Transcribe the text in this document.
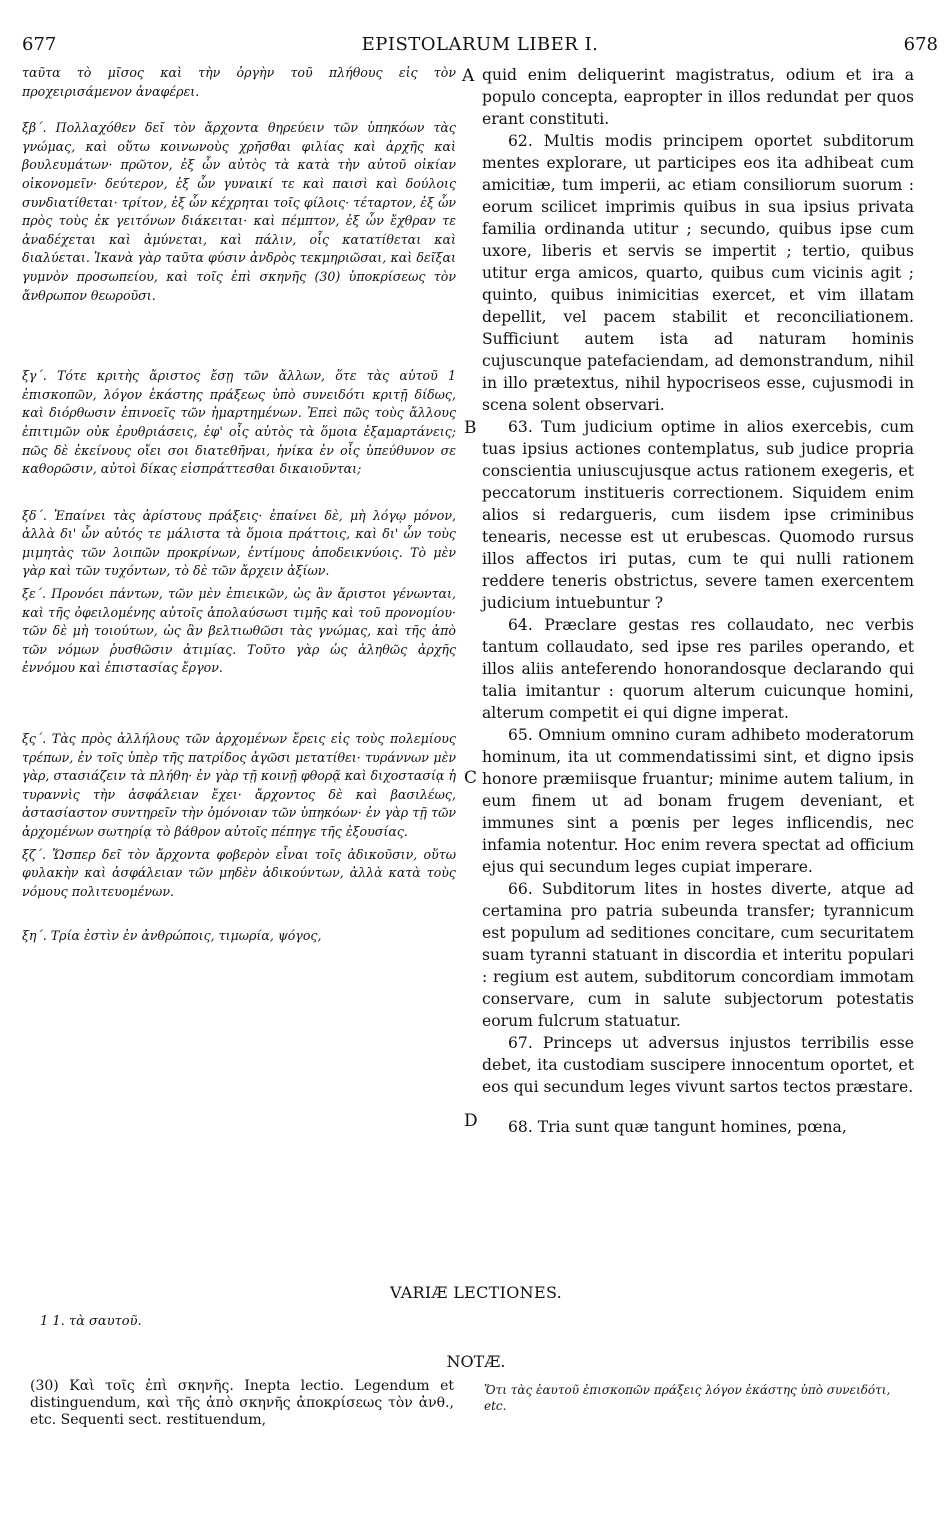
677	EPISTOLARUM LIBER I.	678
A
B
C
D

ταῦτα τὸ μῖσος καὶ τὴν ὀργὴν τοῦ πλήθους εἰς τὸν προχειρισάμενον ἀναφέρει.

ξβ΄. Πολλαχόθεν δεῖ τὸν ἄρχοντα θηρεύειν τῶν ὑπηκόων τὰς γνώμας, καὶ οὕτω κοινωνοὺς χρῆσθαι φιλίας καὶ ἀρχῆς καὶ βουλευμάτων· πρῶτον, ἐξ ὧν αὐτὸς τὰ κατὰ τὴν αὐτοῦ οἰκίαν οἰκονομεῖν· δεύτερον, ἐξ ὧν γυναικί τε καὶ παισὶ καὶ δούλοις συνδιατίθεται· τρίτον, ἐξ ὧν κέχρηται τοῖς φίλοις· τέταρτον, ἐξ ὧν πρὸς τοὺς ἐκ γειτόνων διάκειται· καὶ πέμπτον, ἐξ ὧν ἔχθραν τε ἀναδέχεται καὶ ἀμύνεται, καὶ πάλιν, οἷς κατατίθεται καὶ διαλύεται. Ἱκανὰ γὰρ ταῦτα φύσιν ἀνδρὸς τεκμηριῶσαι, καὶ δεῖξαι γυμνὸν προσωπείου, καὶ τοῖς ἐπὶ σκηνῆς (30) ὑποκρίσεως τὸν ἄνθρωπον θεωροῦσι.

ξγ΄. Τότε κριτὴς ἄριστος ἔσῃ τῶν ἄλλων, ὅτε τὰς αὐτοῦ 1 ἐπισκοπῶν, λόγον ἑκάστης πράξεως ὑπὸ συνειδότι κριτῇ δίδως, καὶ διόρθωσιν ἐπινοεῖς τῶν ἡμαρτημένων. Ἐπεὶ πῶς τοὺς ἄλλους ἐπιτιμῶν οὐκ ἐρυθριάσεις, ἐφ' οἷς αὐτὸς τὰ ὅμοια ἐξαμαρτάνεις; πῶς δὲ ἐκείνους οἴει σοι διατεθῆναι, ἡνίκα ἐν οἷς ὑπεύθυνον σε καθορῶσιν, αὐτοὶ δίκας εἰσπράττεσθαι δικαιοῦνται;

ξδ΄. Ἐπαίνει τὰς ἀρίστους πράξεις· ἐπαίνει δὲ, μὴ λόγῳ μόνον, ἀλλὰ δι' ὧν αὐτός τε μάλιστα τὰ ὅμοια πράττοις, καὶ δι' ὧν τοὺς μιμητὰς τῶν λοιπῶν προκρίνων, ἐντίμους ἀποδεικνύοις. Τὸ μὲν γὰρ καὶ τῶν τυχόντων, τὸ δὲ τῶν ἄρχειν ἀξίων.

ξε΄. Προνόει πάντων, τῶν μὲν ἐπιεικῶν, ὡς ἂν ἄριστοι γένωνται, καὶ τῆς ὀφειλομένης αὐτοῖς ἀπολαύσωσι τιμῆς καὶ τοῦ προνομίου· τῶν δὲ μὴ τοιούτων, ὡς ἂν βελτιωθῶσι τὰς γνώμας, καὶ τῆς ἀπὸ τῶν νόμων ῥυσθῶσιν ἀτιμίας. Τοῦτο γὰρ ὡς ἀληθῶς ἀρχῆς ἐννόμου καὶ ἐπιστασίας ἔργον.

ξς΄. Τὰς πρὸς ἀλλήλους τῶν ἀρχομένων ἔρεις εἰς τοὺς πολεμίους τρέπων, ἐν τοῖς ὑπὲρ τῆς πατρίδος ἀγῶσι μετατίθει· τυράννων μὲν γὰρ, στασιάζειν τὰ πλήθη· ἐν γὰρ τῇ κοινῇ φθορᾷ καὶ διχοστασίᾳ ἡ τυραννὶς τὴν ἀσφάλειαν ἔχει· ἄρχοντος δὲ καὶ βασιλέως, ἀστασίαστον συντηρεῖν τὴν ὁμόνοιαν τῶν ὑπηκόων· ἐν γὰρ τῇ τῶν ἀρχομένων σωτηρίᾳ τὸ βάθρον αὐτοῖς πέπηγε τῆς ἐξουσίας.

ξζ΄. Ὥσπερ δεῖ τὸν ἄρχοντα φοβερὸν εἶναι τοῖς ἀδικοῦσιν, οὕτω φυλακὴν καὶ ἀσφάλειαν τῶν μηδὲν ἀδικούντων, ἀλλὰ κατὰ τοὺς νόμους πολιτευομένων.

ξη΄. Τρία ἐστὶν ἐν ἀνθρώποις, τιμωρία, ψόγος,

quid enim deliquerint magistratus, odium et ira a populo concepta, eapropter in illos redundat per quos erant constituti.

62. Multis modis principem oportet subditorum mentes explorare, ut participes eos ita adhibeat cum amicitiæ, tum imperii, ac etiam consiliorum suorum : eorum scilicet imprimis quibus in sua ipsius privata familia ordinanda utitur ; secundo, quibus ipse cum uxore, liberis et servis se impertit ; tertio, quibus utitur erga amicos, quarto, quibus cum vicinis agit ; quinto, quibus inimicitias exercet, et vim illatam depellit, vel pacem stabilit et reconciliationem. Sufficiunt autem ista ad naturam hominis cujuscunque patefaciendam, ad demonstrandum, nihil in illo prætextus, nihil hypocriseos esse, cujusmodi in scena solent observari.

63. Tum judicium optime in alios exercebis, cum tuas ipsius actiones contemplatus, sub judice propria conscientia uniuscujusque actus rationem exegeris, et peccatorum institueris correctionem. Siquidem enim alios si redargueris, cum iisdem ipse criminibus tenearis, necesse est ut erubescas. Quomodo rursus illos affectos iri putas, cum te qui nulli rationem reddere teneris obstrictus, severe tamen exercentem judicium intuebuntur ?

64. Præclare gestas res collaudato, nec verbis tantum collaudato, sed ipse res pariles operando, et illos aliis anteferendo honorandosque declarando qui talia imitantur : quorum alterum cuicunque homini, alterum competit ei qui digne imperat.

65. Omnium omnino curam adhibeto moderatorum hominum, ita ut commendatissimi sint, et digno ipsis honore præmiisque fruantur; minime autem talium, in eum finem ut ad bonam frugem deveniant, et immunes sint a pœnis per leges inflicendis, nec infamia notentur. Hoc enim revera spectat ad officium ejus qui secundum leges cupiat imperare.

66. Subditorum lites in hostes diverte, atque ad certamina pro patria subeunda transfer; tyrannicum est populum ad seditiones concitare, cum securitatem suam tyranni statuant in discordia et interitu populari : regium est autem, subditorum concordiam immotam conservare, cum in salute subjectorum potestatis eorum fulcrum statuatur.

67. Princeps ut adversus injustos terribilis esse debet, ita custodiam suscipere innocentum oportet, et eos qui secundum leges vivunt sartos tectos præstare.

68. Tria sunt quæ tangunt homines, pœna,

VARIÆ LECTIONES.
1 1. τὰ σαυτοῦ.
NOTÆ.
(30) Καὶ τοῖς ἐπὶ σκηνῆς. Inepta lectio. Legendum et distinguendum, καὶ τῆς ἀπὸ σκηνῆς ἀποκρίσεως τὸν ἀνθ., etc. Sequenti sect. restituendum,
Ὅτι τὰς ἑαυτοῦ ἐπισκοπῶν πράξεις λόγον ἑκάστης ὑπὸ συνειδότι, etc.
